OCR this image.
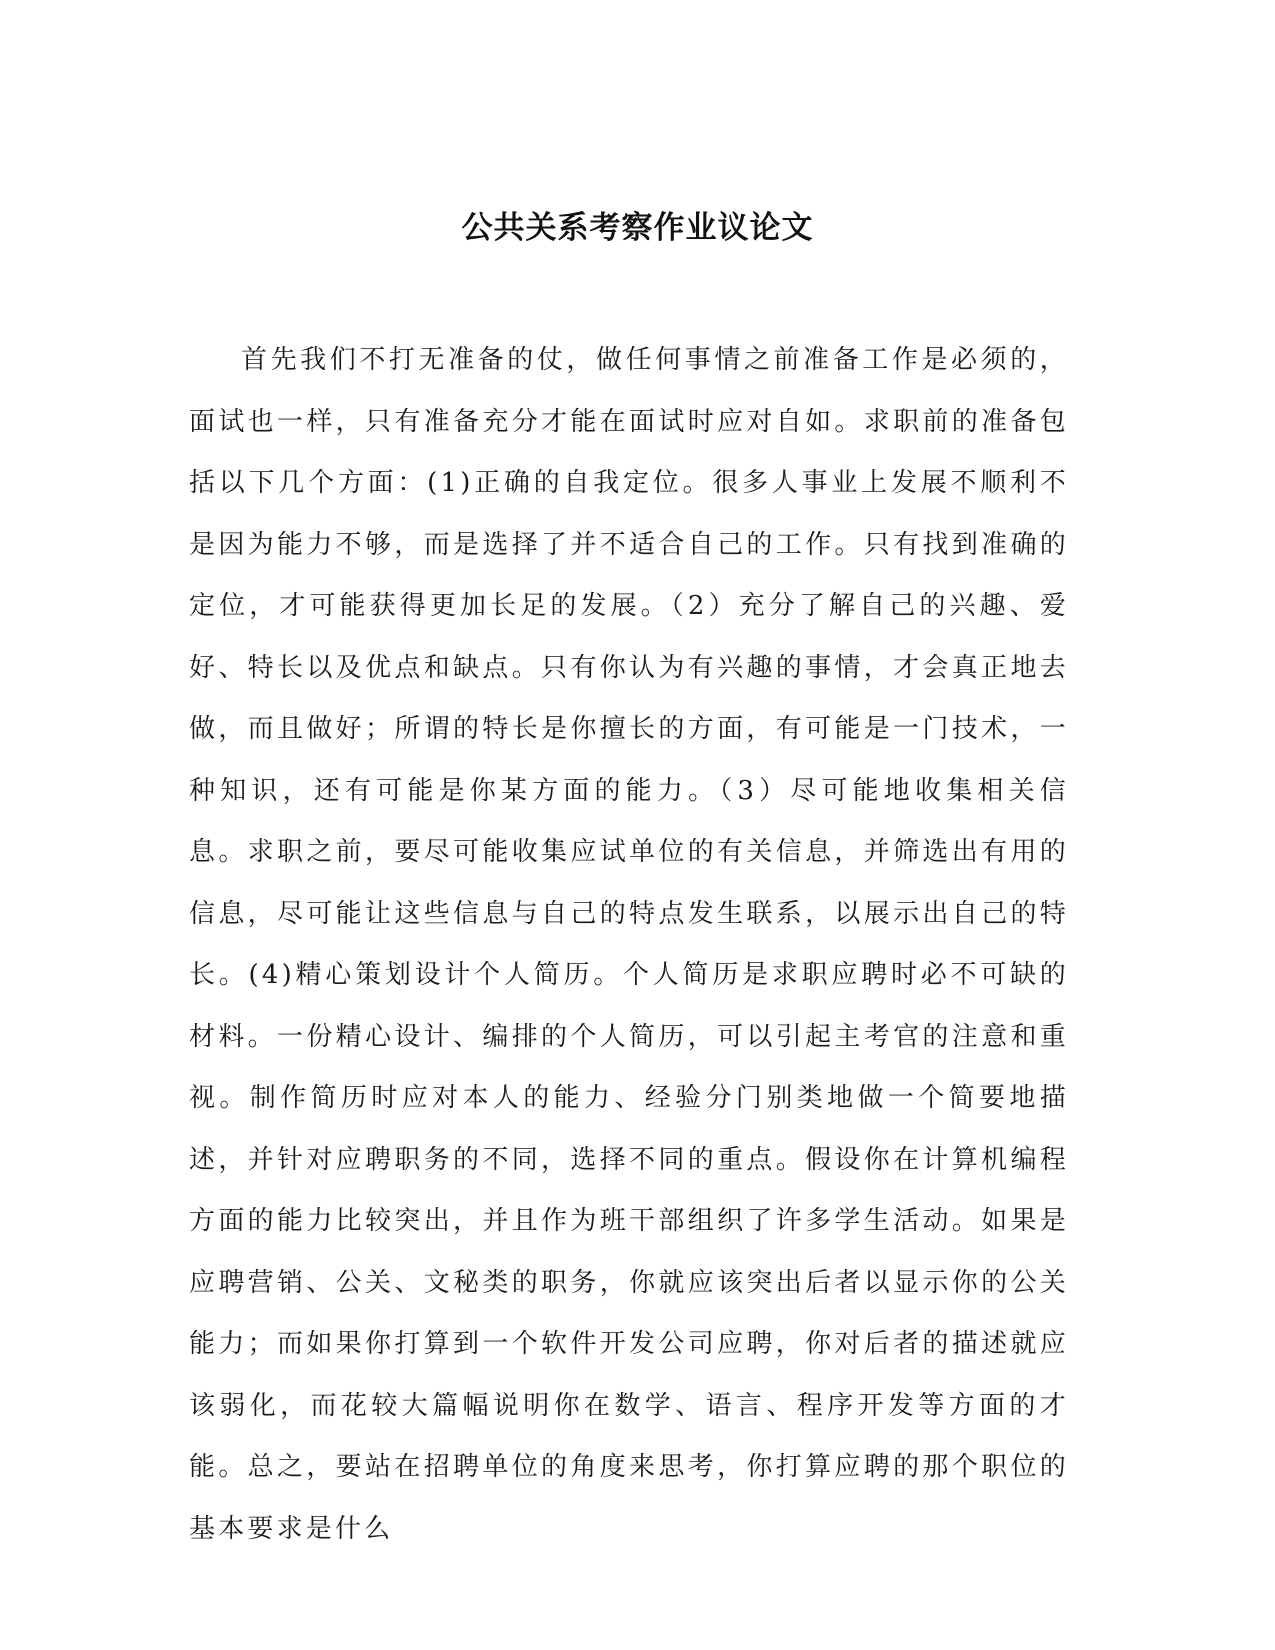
公共关系考察作业议论文

首先我们不打无准备的仗，做任何事情之前准备工作是必须的，面试也一样，只有准备充分才能在面试时应对自如。求职前的准备包括以下几个方面：(1)正确的自我定位。很多人事业上发展不顺利不是因为能力不够，而是选择了并不适合自己的工作。只有找到准确的定位，才可能获得更加长足的发展。（2）充分了解自己的兴趣、爱好、特长以及优点和缺点。只有你认为有兴趣的事情，才会真正地去做，而且做好；所谓的特长是你擅长的方面，有可能是一门技术，一种知识，还有可能是你某方面的能力。（3）尽可能地收集相关信息。求职之前，要尽可能收集应试单位的有关信息，并筛选出有用的信息，尽可能让这些信息与自己的特点发生联系，以展示出自己的特长。(4)精心策划设计个人简历。个人简历是求职应聘时必不可缺的材料。一份精心设计、编排的个人简历，可以引起主考官的注意和重视。制作简历时应对本人的能力、经验分门别类地做一个简要地描述，并针对应聘职务的不同，选择不同的重点。假设你在计算机编程方面的能力比较突出，并且作为班干部组织了许多学生活动。如果是应聘营销、公关、文秘类的职务，你就应该突出后者以显示你的公关能力；而如果你打算到一个软件开发公司应聘，你对后者的描述就应该弱化，而花较大篇幅说明你在数学、语言、程序开发等方面的才能。总之，要站在招聘单位的角度来思考，你打算应聘的那个职位的基本要求是什么
